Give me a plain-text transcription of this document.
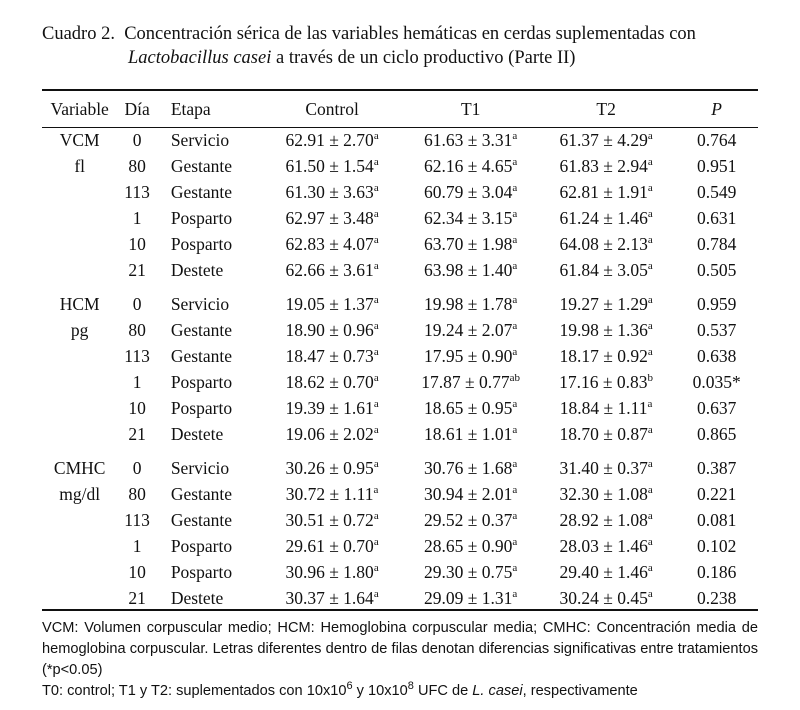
Cuadro 2. Concentración sérica de las variables hemáticas en cerdas suplementadas con
Lactobacillus casei a través de un ciclo productivo (Parte II)
Variable	Día	Etapa	Control	T1	T2	P

VCM	0	Servicio	62.91 ± 2.70$^a$	61.63 ± 3.31$^a$	61.37 ± 4.29$^a$	0.764

fl	80	Gestante	61.50 ± 1.54$^a$	62.16 ± 4.65$^a$	61.83 ± 2.94$^a$	0.951
	113	Gestante	61.30 ± 3.63$^a$	60.79 ± 3.04$^a$	62.81 ± 1.91$^a$	0.549
	1	Posparto	62.97 ± 3.48$^a$	62.34 ± 3.15$^a$	61.24 ± 1.46$^a$	0.631
	10	Posparto	62.83 ± 4.07$^a$	63.70 ± 1.98$^a$	64.08 ± 2.13$^a$	0.784
	21	Destete	62.66 ± 3.61$^a$	63.98 ± 1.40$^a$	61.84 ± 3.05$^a$	0.505

HCM	0	Servicio	19.05 ± 1.37$^a$	19.98 ± 1.78$^a$	19.27 ± 1.29$^a$	0.959

pg	80	Gestante	18.90 ± 0.96$^a$	19.24 ± 2.07$^a$	19.98 ± 1.36$^a$	0.537
	113	Gestante	18.47 ± 0.73$^a$	17.95 ± 0.90$^a$	18.17 ± 0.92$^a$	0.638
	1	Posparto	18.62 ± 0.70$^a$	17.87 ± 0.77$^{ab}$	17.16 ± 0.83$^b$	0.035*
	10	Posparto	19.39 ± 1.61$^a$	18.65 ± 0.95$^a$	18.84 ± 1.11$^a$	0.637
	21	Destete	19.06 ± 2.02$^a$	18.61 ± 1.01$^a$	18.70 ± 0.87$^a$	0.865

CMHC	0	Servicio	30.26 ± 0.95$^a$	30.76 ± 1.68$^a$	31.40 ± 0.37$^a$	0.387

mg/dl	80	Gestante	30.72 ± 1.11$^a$	30.94 ± 2.01$^a$	32.30 ± 1.08$^a$	0.221
	113	Gestante	30.51 ± 0.72$^a$	29.52 ± 0.37$^a$	28.92 ± 1.08$^a$	0.081
	1	Posparto	29.61 ± 0.70$^a$	28.65 ± 0.90$^a$	28.03 ± 1.46$^a$	0.102
	10	Posparto	30.96 ± 1.80$^a$	29.30 ± 0.75$^a$	29.40 ± 1.46$^a$	0.186
	21	Destete	30.37 ± 1.64$^a$	29.09 ± 1.31$^a$	30.24 ± 0.45$^a$	0.238

VCM: Volumen corpuscular medio; HCM: Hemoglobina corpuscular media; CMHC: Concentración media de hemoglobina corpuscular. Letras diferentes dentro de filas denotan diferencias significativas entre tratamientos (*p<0.05)

T0: control; T1 y T2: suplementados con $10x10^6$ y $10x10^8$ UFC de L. casei, respectivamente
